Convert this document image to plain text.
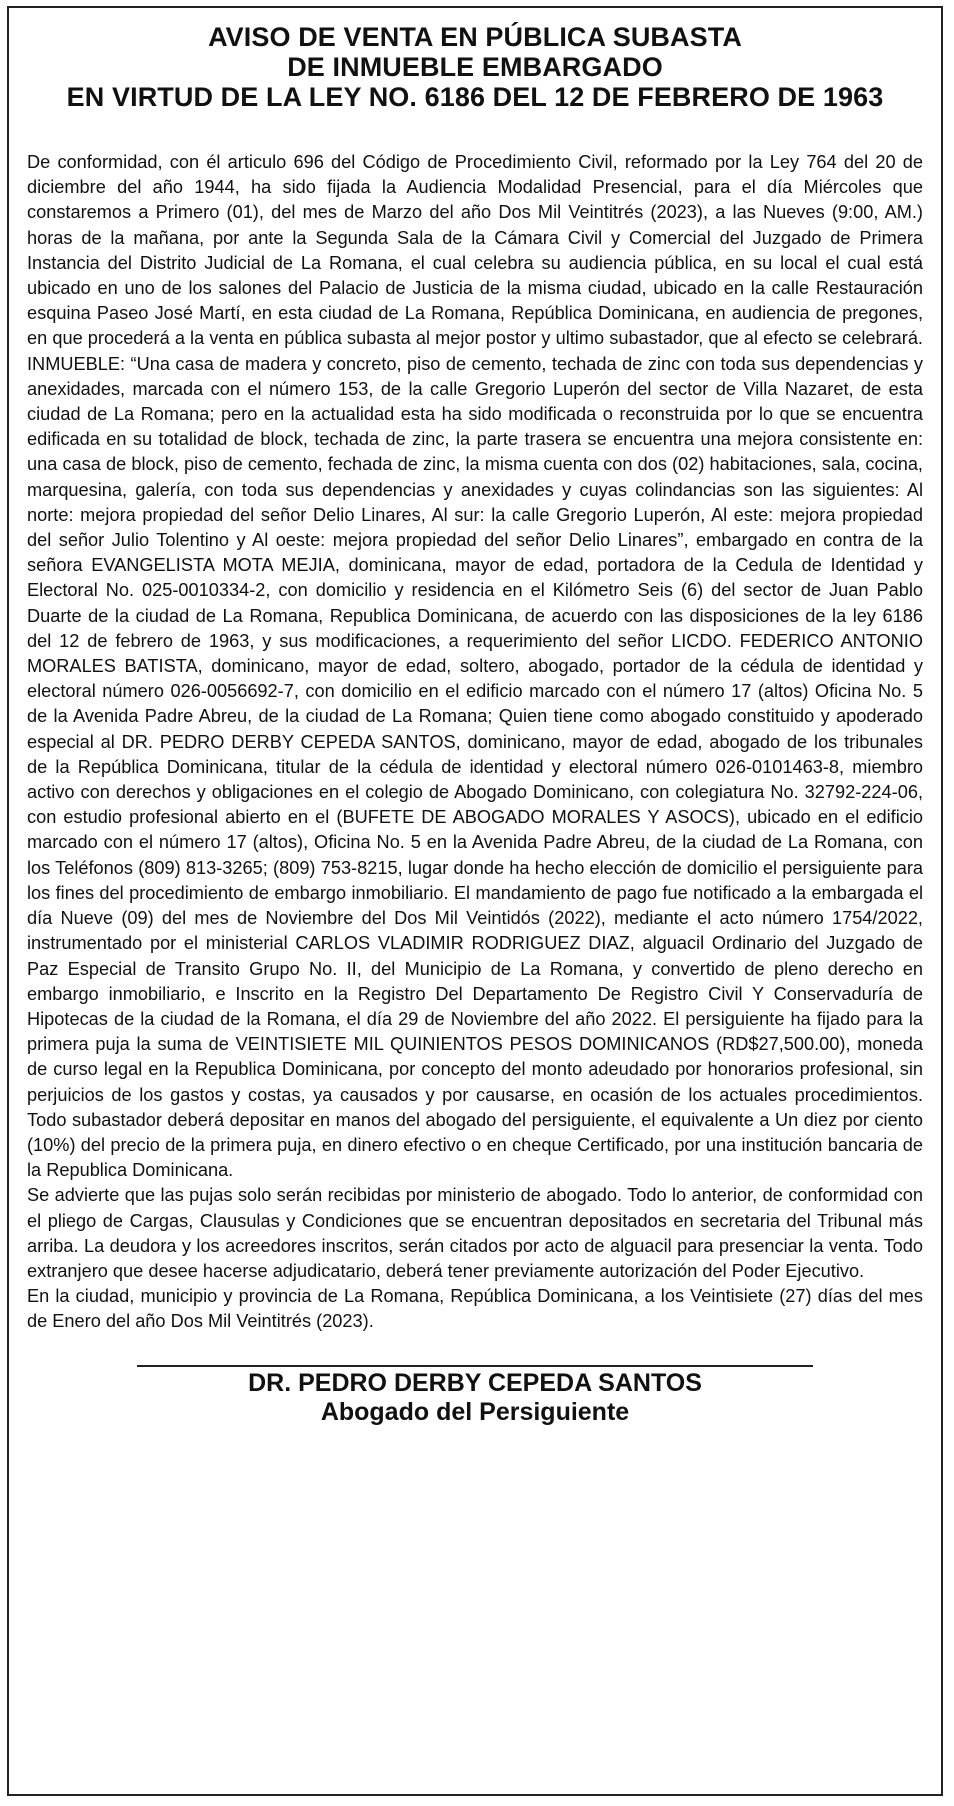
AVISO DE VENTA EN PÚBLICA SUBASTA
DE INMUEBLE EMBARGADO
EN VIRTUD DE LA LEY NO. 6186 DEL 12 DE FEBRERO DE 1963

De conformidad, con él articulo 696 del Código de Procedimiento Civil, reformado por la Ley 764 del 20 de diciembre del año 1944, ha sido fijada la Audiencia Modalidad Presencial, para el día Miércoles que constaremos a Primero (01), del mes de Marzo del año Dos Mil Veintitrés (2023), a las Nueves (9:00, AM.) horas de la mañana, por ante la Segunda Sala de la Cámara Civil y Comercial del Juzgado de Primera Instancia del Distrito Judicial de La Romana, el cual celebra su audiencia pública, en su local el cual está ubicado en uno de los salones del Palacio de Justicia de la misma ciudad, ubicado en la calle Restauración esquina Paseo José Martí, en esta ciudad de La Romana, República Dominicana, en audiencia de pregones, en que procederá a la venta en pública subasta al mejor postor y ultimo subastador, que al efecto se celebrará. INMUEBLE: “Una casa de madera y concreto, piso de cemento, techada de zinc con toda sus dependencias y anexidades, marcada con el número 153, de la calle Gregorio Luperón del sector de Villa Nazaret, de esta ciudad de La Romana; pero en la actualidad esta ha sido modificada o reconstruida por lo que se encuentra edificada en su totalidad de block, techada de zinc, la parte trasera se encuentra una mejora consistente en: una casa de block, piso de cemento, fechada de zinc, la misma cuenta con dos (02) habitaciones, sala, cocina, marquesina, galería, con toda sus dependencias y anexidades y cuyas colindancias son las siguientes: Al norte: mejora propiedad del señor Delio Linares, Al sur: la calle Gregorio Luperón, Al este: mejora propiedad del señor Julio Tolentino y Al oeste: mejora propiedad del señor Delio Linares”, embargado en contra de la señora EVANGELISTA MOTA MEJIA, dominicana, mayor de edad, portadora de la Cedula de Identidad y Electoral No. 025-0010334-2, con domicilio y residencia en el Kilómetro Seis (6) del sector de Juan Pablo Duarte de la ciudad de La Romana, Republica Dominicana, de acuerdo con las disposiciones de la ley 6186 del 12 de febrero de 1963, y sus modificaciones, a requerimiento del señor LICDO. FEDERICO ANTONIO MORALES BATISTA, dominicano, mayor de edad, soltero, abogado, portador de la cédula de identidad y electoral número 026-0056692-7, con domicilio en el edificio marcado con el número 17 (altos) Oficina No. 5 de la Avenida Padre Abreu, de la ciudad de La Romana; Quien tiene como abogado constituido y apoderado especial al DR. PEDRO DERBY CEPEDA SANTOS, dominicano, mayor de edad, abogado de los tribunales de la República Dominicana, titular de la cédula de identidad y electoral número 026-0101463-8, miembro activo con derechos y obligaciones en el colegio de Abogado Dominicano, con colegiatura No. 32792-224-06, con estudio profesional abierto en el (BUFETE DE ABOGADO MORALES Y ASOCS), ubicado en el edificio marcado con el número 17 (altos), Oficina No. 5 en la Avenida Padre Abreu, de la ciudad de La Romana, con los Teléfonos (809) 813-3265; (809) 753-8215, lugar donde ha hecho elección de domicilio el persiguiente para los fines del procedimiento de embargo inmobiliario. El mandamiento de pago fue notificado a la embargada el día Nueve (09) del mes de Noviembre del Dos Mil Veintidós (2022), mediante el acto número 1754/2022, instrumentado por el ministerial CARLOS VLADIMIR RODRIGUEZ DIAZ, alguacil Ordinario del Juzgado de Paz Especial de Transito Grupo No. II, del Municipio de La Romana, y convertido de pleno derecho en embargo inmobiliario, e Inscrito en la Registro Del Departamento De Registro Civil Y Conservaduría de Hipotecas de la ciudad de la Romana, el día 29 de Noviembre del año 2022. El persiguiente ha fijado para la primera puja la suma de VEINTISIETE MIL QUINIENTOS PESOS DOMINICANOS (RD$27,500.00), moneda de curso legal en la Republica Dominicana, por concepto del monto adeudado por honorarios profesional, sin perjuicios de los gastos y costas, ya causados y por causarse, en ocasión de los actuales procedimientos. Todo subastador deberá depositar en manos del abogado del persiguiente, el equivalente a Un diez por ciento (10%) del precio de la primera puja, en dinero efectivo o en cheque Certificado, por una institución bancaria de la Republica Dominicana.

Se advierte que las pujas solo serán recibidas por ministerio de abogado. Todo lo anterior, de conformidad con el pliego de Cargas, Clausulas y Condiciones que se encuentran depositados en secretaria del Tribunal más arriba. La deudora y los acreedores inscritos, serán citados por acto de alguacil para presenciar la venta. Todo extranjero que desee hacerse adjudicatario, deberá tener previamente autorización del Poder Ejecutivo.

En la ciudad, municipio y provincia de La Romana, República Dominicana, a los Veintisiete (27) días del mes de Enero del año Dos Mil Veintitrés (2023).

DR. PEDRO DERBY CEPEDA SANTOS
Abogado del Persiguiente
